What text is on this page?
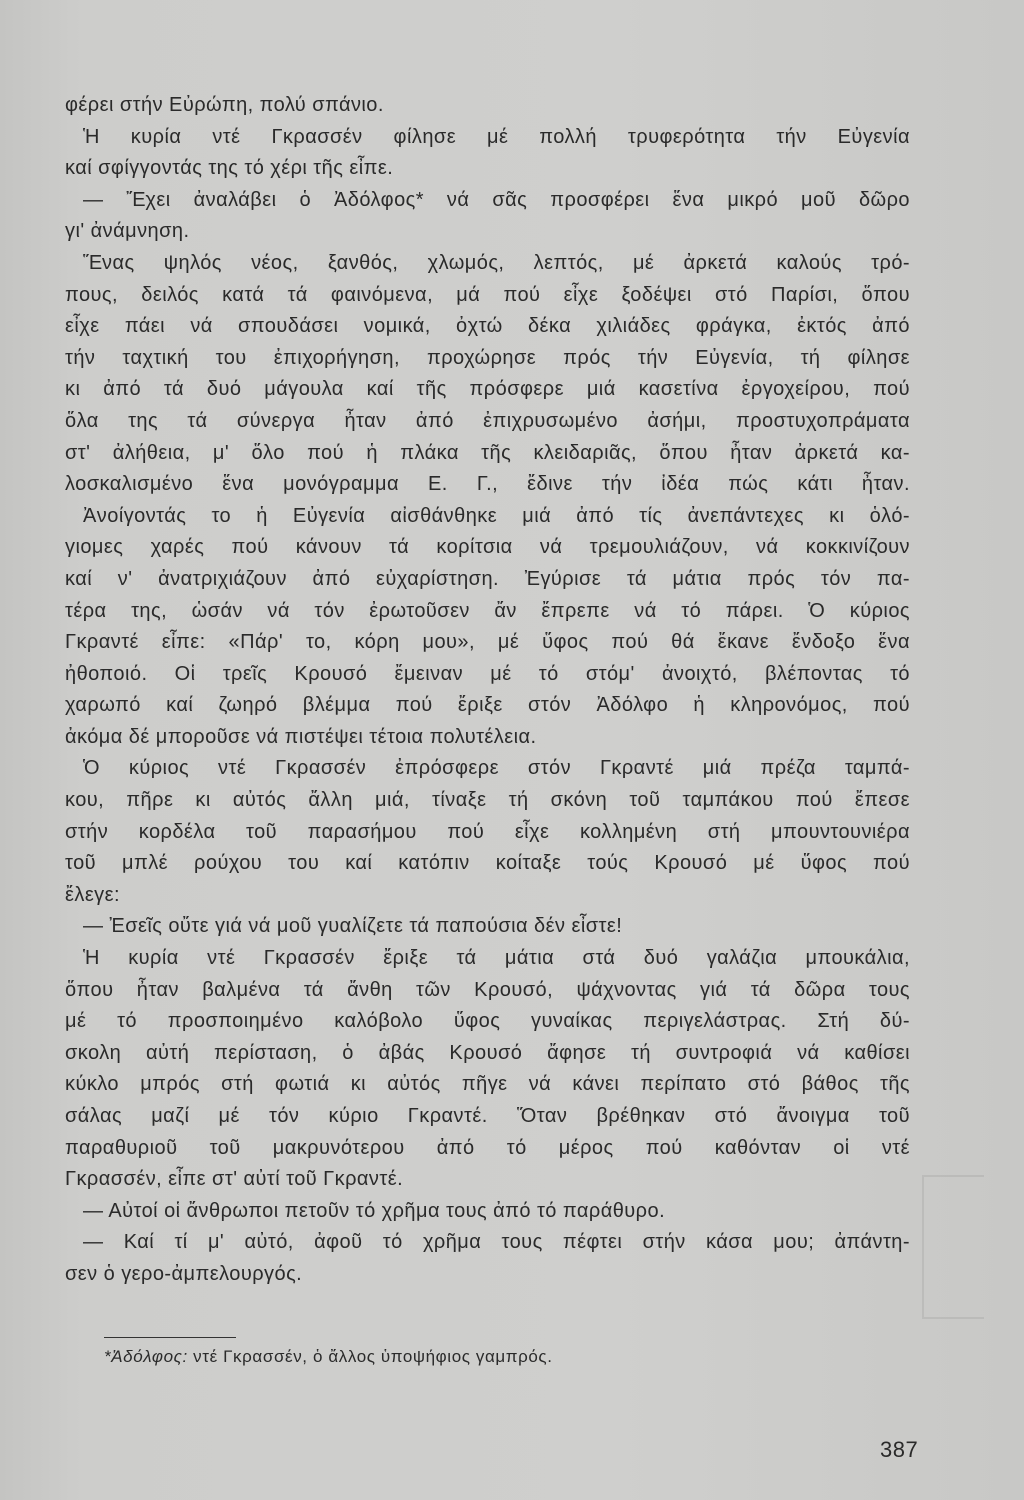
φέρει στήν Εὐρώπη, πολύ σπάνιο.
Ἡ κυρία ντέ Γκρασσέν φίλησε μέ πολλή τρυφερότητα τήν Εὐγενία
καί σφίγγοντάς της τό χέρι τῆς εἶπε.
— Ἔχει ἀναλάβει ὁ Ἀδόλφος* νά σᾶς προσφέρει ἕνα μικρό μοῦ δῶρο
γι' ἀνάμνηση.
Ἕνας ψηλός νέος, ξανθός, χλωμός, λεπτός, μέ ἀρκετά καλούς τρό-
πους, δειλός κατά τά φαινόμενα, μά πού εἶχε ξοδέψει στό Παρίσι, ὅπου
εἶχε πάει νά σπουδάσει νομικά, ὀχτώ δέκα χιλιάδες φράγκα, ἐκτός ἀπό
τήν ταχτική του ἐπιχορήγηση, προχώρησε πρός τήν Εὐγενία, τή φίλησε
κι ἀπό τά δυό μάγουλα καί τῆς πρόσφερε μιά κασετίνα ἐργοχείρου, πού
ὅλα της τά σύνεργα ἦταν ἀπό ἐπιχρυσωμένο ἀσήμι, προστυχοπράματα
στ' ἀλήθεια, μ' ὅλο πού ἡ πλάκα τῆς κλειδαριᾶς, ὅπου ἦταν ἀρκετά κα-
λοσκαλισμένο ἕνα μονόγραμμα Ε. Γ., ἔδινε τήν ἰδέα πώς κάτι ἦταν.
Ἀνοίγοντάς το ἡ Εὐγενία αἰσθάνθηκε μιά ἀπό τίς ἀνεπάντεχες κι ὁλό-
γιομες χαρές πού κάνουν τά κορίτσια νά τρεμουλιάζουν, νά κοκκινίζουν
καί ν' ἀνατριχιάζουν ἀπό εὐχαρίστηση. Ἐγύρισε τά μάτια πρός τόν πα-
τέρα της, ὡσάν νά τόν ἐρωτοῦσεν ἄν ἔπρεπε νά τό πάρει. Ὁ κύριος
Γκραντέ εἶπε: «Πάρ' το, κόρη μου», μέ ὕφος πού θά ἔκανε ἔνδοξο ἕνα
ἠθοποιό. Οἱ τρεῖς Κρουσό ἔμειναν μέ τό στόμ' ἀνοιχτό, βλέποντας τό
χαρωπό καί ζωηρό βλέμμα πού ἔριξε στόν Ἀδόλφο ἡ κληρονόμος, πού
ἀκόμα δέ μποροῦσε νά πιστέψει τέτοια πολυτέλεια.
Ὁ κύριος ντέ Γκρασσέν ἐπρόσφερε στόν Γκραντέ μιά πρέζα ταμπά-
κου, πῆρε κι αὐτός ἄλλη μιά, τίναξε τή σκόνη τοῦ ταμπάκου πού ἔπεσε
στήν κορδέλα τοῦ παρασήμου πού εἶχε κολλημένη στή μπουντουνιέρα
τοῦ μπλέ ρούχου του καί κατόπιν κοίταξε τούς Κρουσό μέ ὕφος πού
ἔλεγε:
— Ἐσεῖς οὔτε γιά νά μοῦ γυαλίζετε τά παπούσια δέν εἶστε!
Ἡ κυρία ντέ Γκρασσέν ἔριξε τά μάτια στά δυό γαλάζια μπουκάλια,
ὅπου ἦταν βαλμένα τά ἄνθη τῶν Κρουσό, ψάχνοντας γιά τά δῶρα τους
μέ τό προσποιημένο καλόβολο ὕφος γυναίκας περιγελάστρας. Στή δύ-
σκολη αὐτή περίσταση, ὁ ἀβάς Κρουσό ἄφησε τή συντροφιά νά καθίσει
κύκλο μπρός στή φωτιά κι αὐτός πῆγε νά κάνει περίπατο στό βάθος τῆς
σάλας μαζί μέ τόν κύριο Γκραντέ. Ὅταν βρέθηκαν στό ἄνοιγμα τοῦ
παραθυριοῦ τοῦ μακρυνότερου ἀπό τό μέρος πού καθόνταν οἱ ντέ
Γκρασσέν, εἶπε στ' αὐτί τοῦ Γκραντέ.
— Αὐτοί οἱ ἄνθρωποι πετοῦν τό χρῆμα τους ἀπό τό παράθυρο.
— Καί τί μ' αὐτό, ἀφοῦ τό χρῆμα τους πέφτει στήν κάσα μου; ἀπάντη-
σεν ὁ γερο-ἀμπελουργός.
*Ἀδόλφος: ντέ Γκρασσέν, ὁ ἄλλος ὑποψήφιος γαμπρός.
387
